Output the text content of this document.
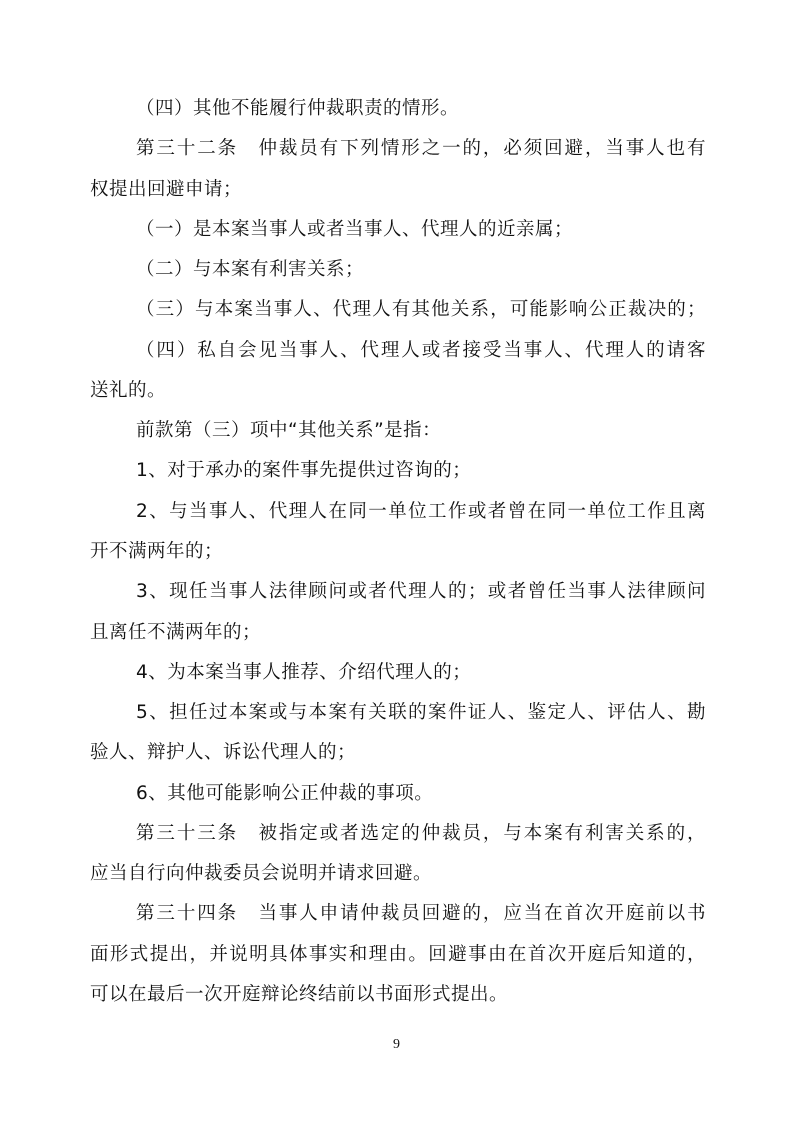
（四）其他不能履行仲裁职责的情形。
第三十二条　仲裁员有下列情形之一的，必须回避，当事人也有
权提出回避申请；
（一）是本案当事人或者当事人、代理人的近亲属；
（二）与本案有利害关系；
（三）与本案当事人、代理人有其他关系，可能影响公正裁决的；
（四）私自会见当事人、代理人或者接受当事人、代理人的请客
送礼的。
前款第（三）项中“其他关系”是指：
1、对于承办的案件事先提供过咨询的；
2、与当事人、代理人在同一单位工作或者曾在同一单位工作且离
开不满两年的；
3、现任当事人法律顾问或者代理人的；或者曾任当事人法律顾问
且离任不满两年的；
4、为本案当事人推荐、介绍代理人的；
5、担任过本案或与本案有关联的案件证人、鉴定人、评估人、勘
验人、辩护人、诉讼代理人的；
6、其他可能影响公正仲裁的事项。
第三十三条　被指定或者选定的仲裁员，与本案有利害关系的，
应当自行向仲裁委员会说明并请求回避。
第三十四条　当事人申请仲裁员回避的，应当在首次开庭前以书
面形式提出，并说明具体事实和理由。回避事由在首次开庭后知道的，
可以在最后一次开庭辩论终结前以书面形式提出。
9
